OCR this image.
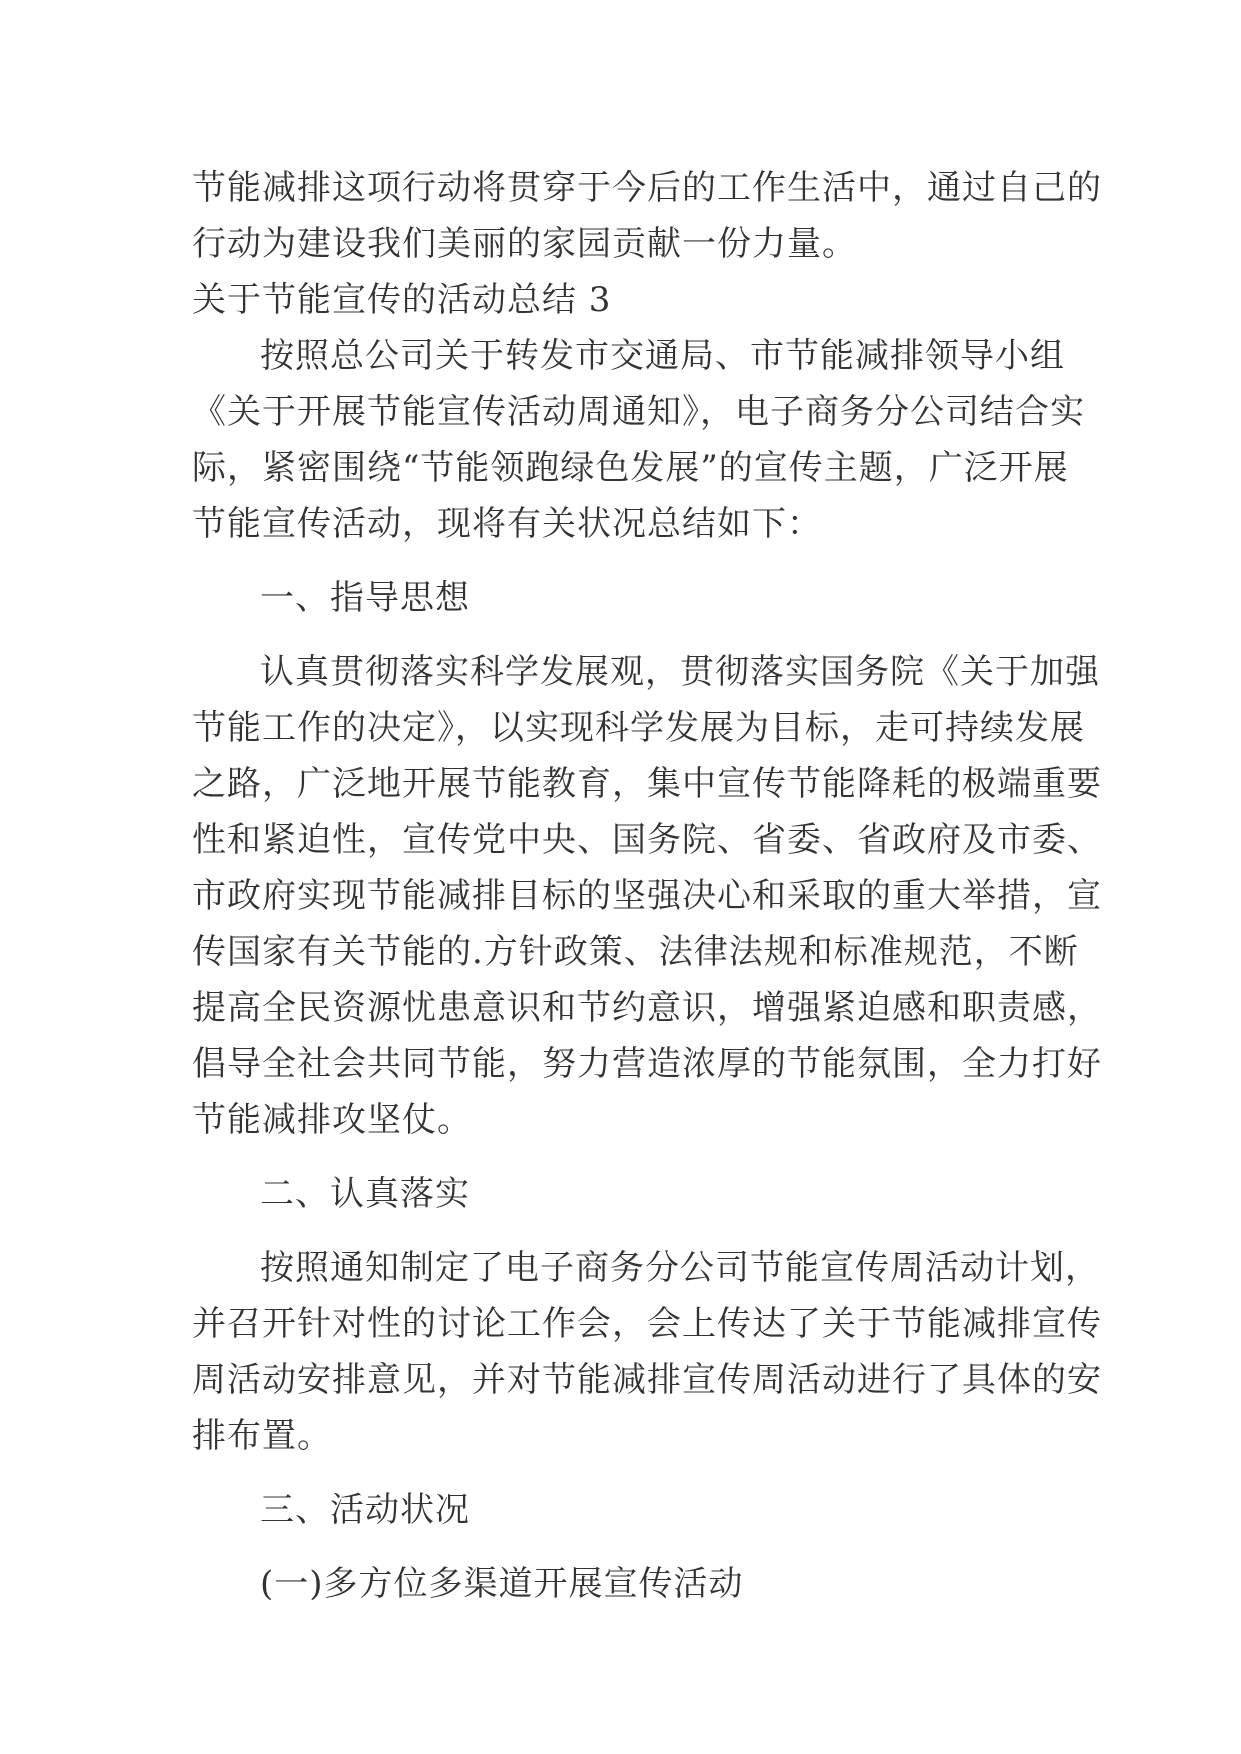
节能减排这项行动将贯穿于今后的工作生活中，通过自己的

行动为建设我们美丽的家园贡献一份力量。

关于节能宣传的活动总结 3

按照总公司关于转发市交通局、市节能减排领导小组

《关于开展节能宣传活动周通知》，电子商务分公司结合实

际，紧密围绕“节能领跑绿色发展”的宣传主题，广泛开展

节能宣传活动，现将有关状况总结如下：

一、指导思想

认真贯彻落实科学发展观，贯彻落实国务院《关于加强

节能工作的决定》，以实现科学发展为目标，走可持续发展

之路，广泛地开展节能教育，集中宣传节能降耗的极端重要

性和紧迫性，宣传党中央、国务院、省委、省政府及市委、

市政府实现节能减排目标的坚强决心和采取的重大举措，宣

传国家有关节能的.方针政策、法律法规和标准规范，不断

提高全民资源忧患意识和节约意识，增强紧迫感和职责感，

倡导全社会共同节能，努力营造浓厚的节能氛围，全力打好

节能减排攻坚仗。

二、认真落实

按照通知制定了电子商务分公司节能宣传周活动计划，

并召开针对性的讨论工作会，会上传达了关于节能减排宣传

周活动安排意见，并对节能减排宣传周活动进行了具体的安

排布置。

三、活动状况

(一)多方位多渠道开展宣传活动
